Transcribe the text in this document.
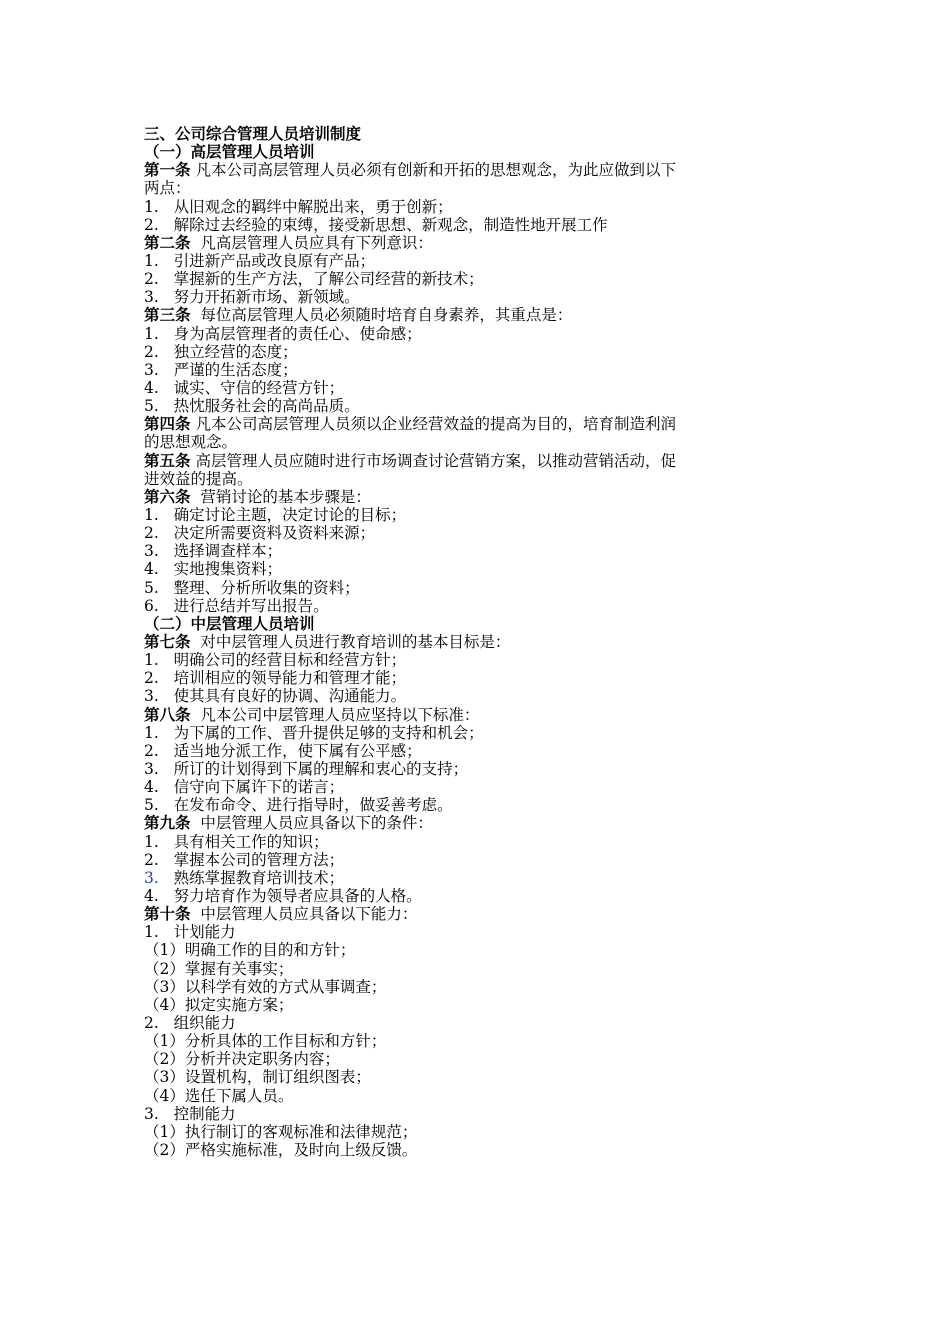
三、公司综合管理人员培训制度
（一）高层管理人员培训
第一条 凡本公司高层管理人员必须有创新和开拓的思想观念，为此应做到以下
两点：
1.   从旧观念的羁绊中解脱出来，勇于创新；
2.   解除过去经验的束缚，接受新思想、新观念，制造性地开展工作
第二条  凡高层管理人员应具有下列意识：
1.   引进新产品或改良原有产品；
2.   掌握新的生产方法，了解公司经营的新技术；
3.   努力开拓新市场、新领域。
第三条  每位高层管理人员必须随时培育自身素养，其重点是：
1.   身为高层管理者的责任心、使命感；
2.   独立经营的态度；
3.   严谨的生活态度；
4.   诚实、守信的经营方针；
5.   热忱服务社会的高尚品质。
第四条 凡本公司高层管理人员须以企业经营效益的提高为目的，培育制造利润
的思想观念。
第五条 高层管理人员应随时进行市场调查讨论营销方案，以推动营销活动，促
进效益的提高。
第六条  营销讨论的基本步骤是：
1.   确定讨论主题，决定讨论的目标；
2.   决定所需要资料及资料来源；
3.   选择调查样本；
4.   实地搜集资料；
5.   整理、分析所收集的资料；
6.   进行总结并写出报告。
（二）中层管理人员培训
第七条  对中层管理人员进行教育培训的基本目标是：
1.   明确公司的经营目标和经营方针；
2.   培训相应的领导能力和管理才能；
3.   使其具有良好的协调、沟通能力。
第八条  凡本公司中层管理人员应坚持以下标准：
1.   为下属的工作、晋升提供足够的支持和机会；
2.   适当地分派工作，使下属有公平感；
3.   所订的计划得到下属的理解和衷心的支持；
4.   信守向下属许下的诺言；
5.   在发布命令、进行指导时，做妥善考虑。
第九条  中层管理人员应具备以下的条件：
1.   具有相关工作的知识；
2.   掌握本公司的管理方法；
3.   熟练掌握教育培训技术；
4.   努力培育作为领导者应具备的人格。
第十条  中层管理人员应具备以下能力：
1.   计划能力
（1）明确工作的目的和方针；
（2）掌握有关事实；
（3）以科学有效的方式从事调查；
（4）拟定实施方案；
2.   组织能力
（1）分析具体的工作目标和方针；
（2）分析并决定职务内容；
（3）设置机构，制订组织图表；
（4）选任下属人员。
3.   控制能力
（1）执行制订的客观标准和法律规范；
（2）严格实施标准，及时向上级反馈。
